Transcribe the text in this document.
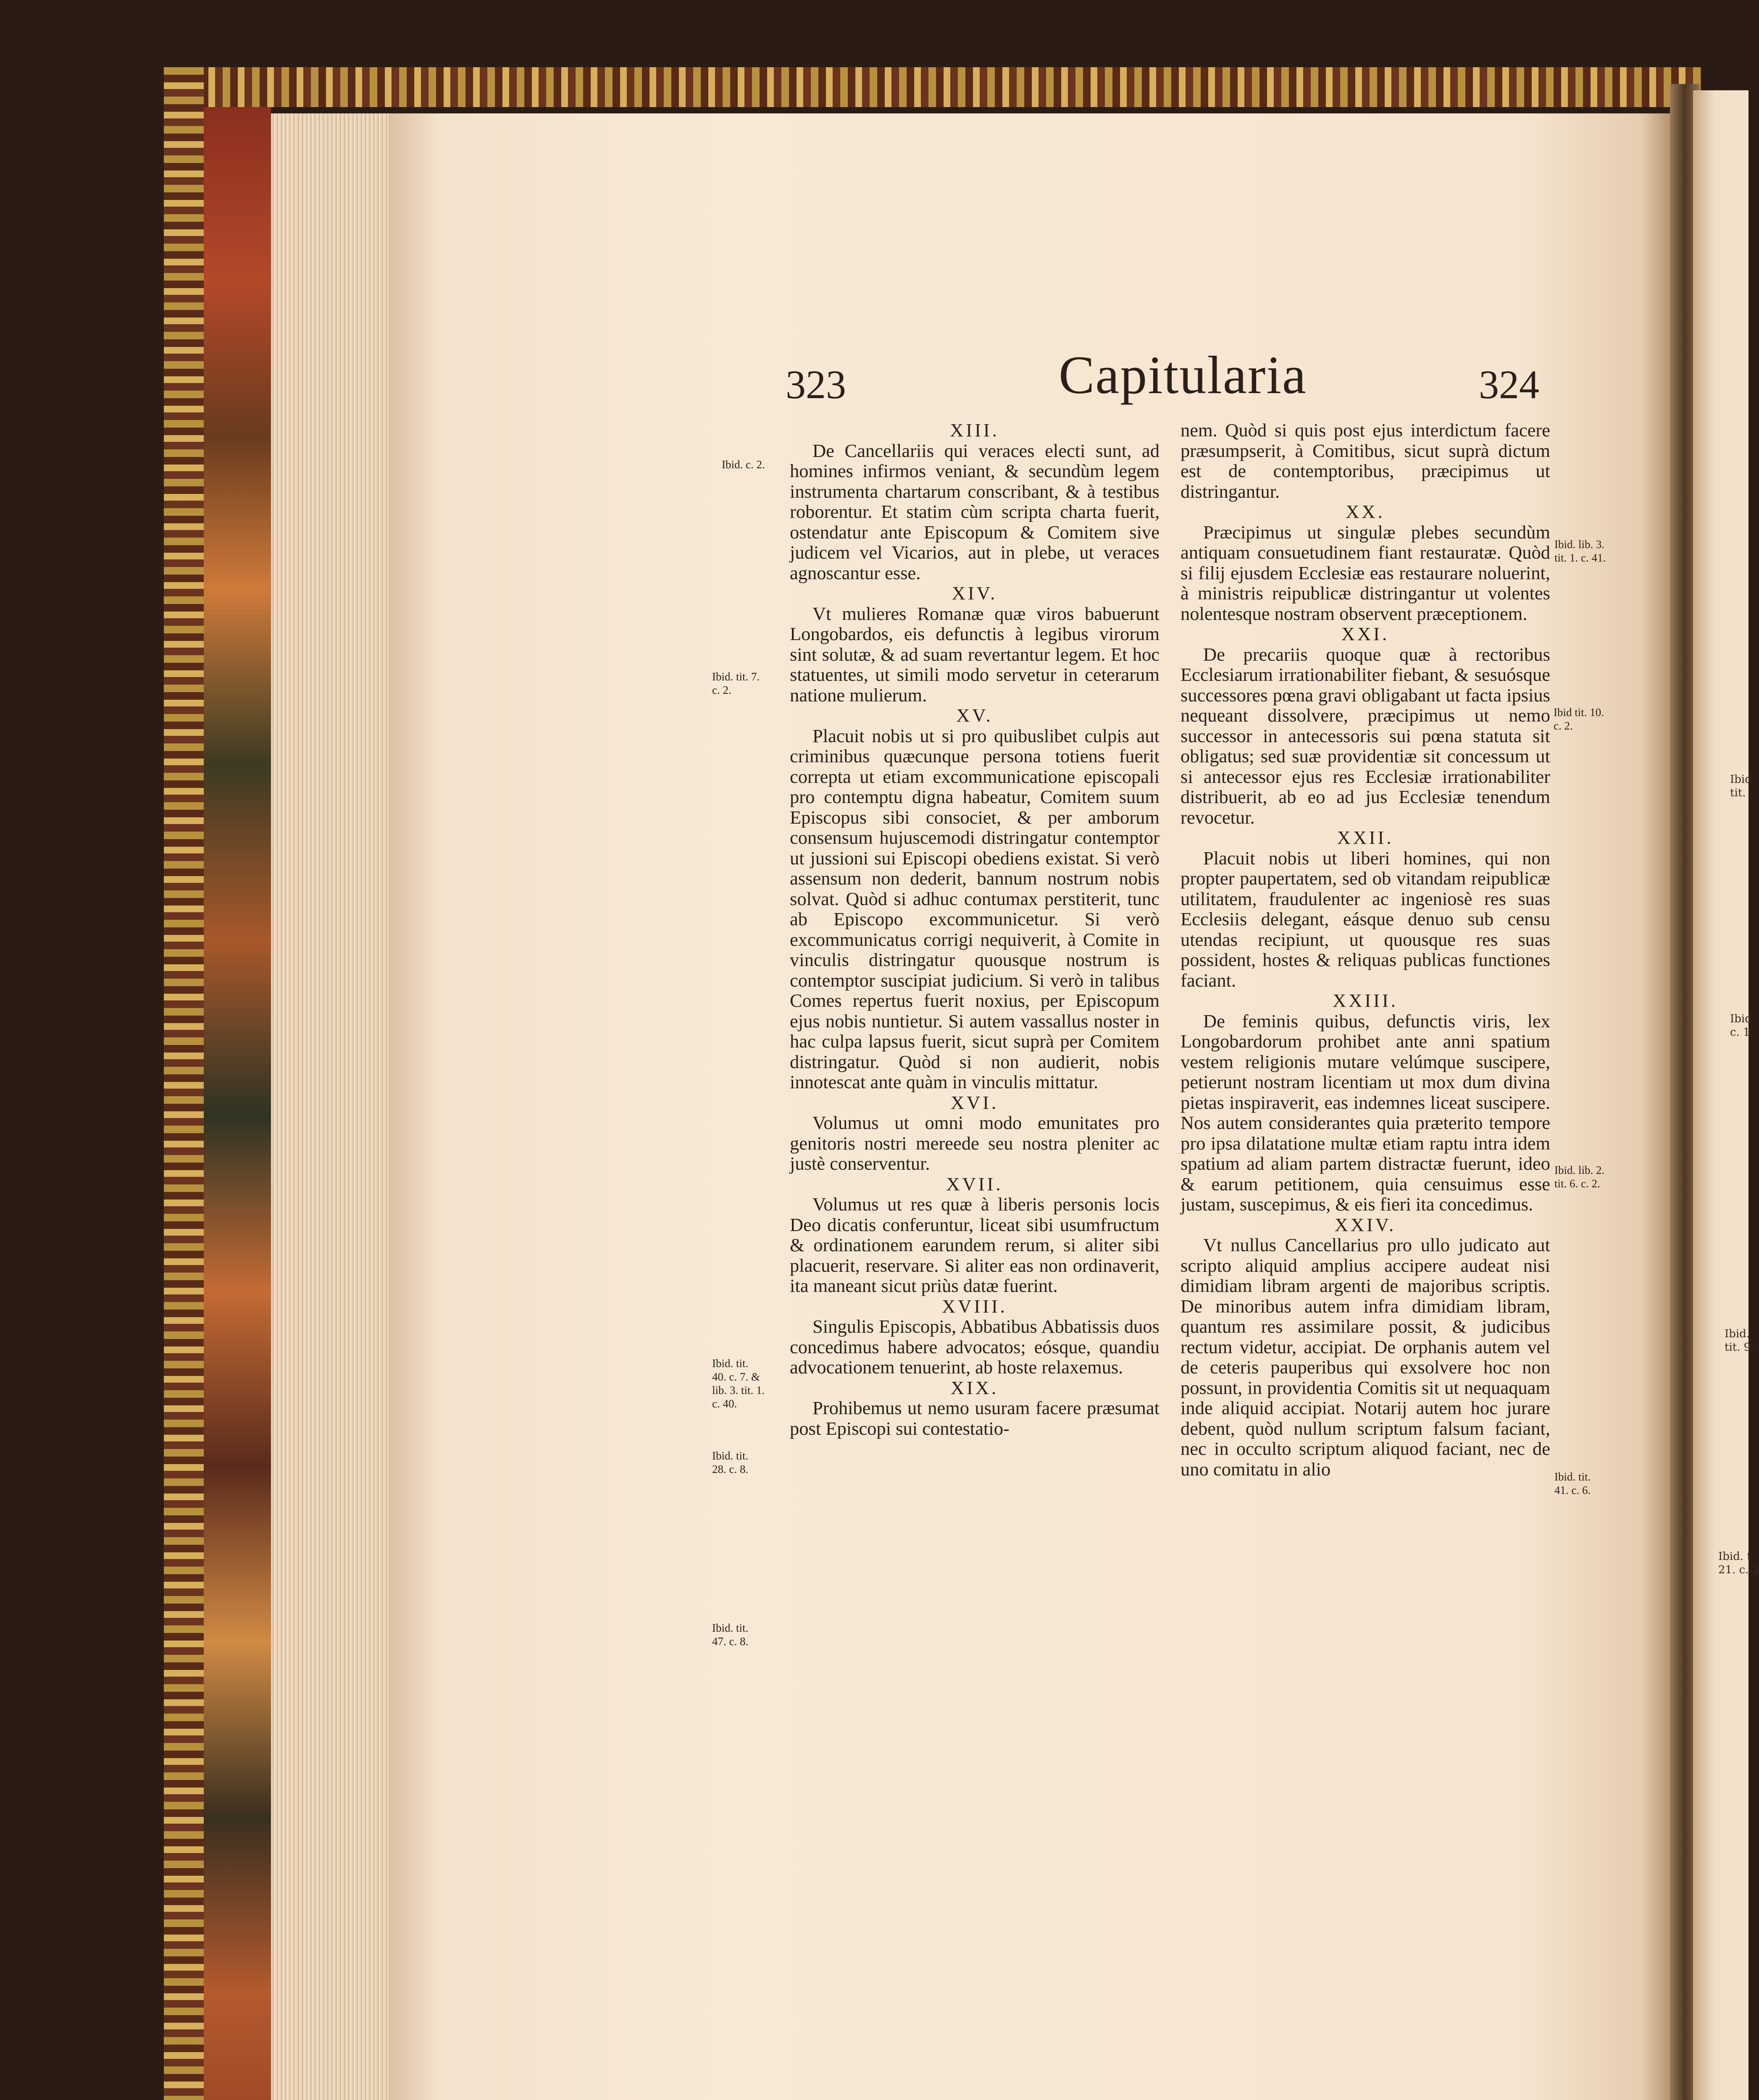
Ibid
tit.
Ibid
c. 1.
Ibid.
tit. 9.
Ibid. t
21. c. 3
323	Capitularia	324

XIII.

De Cancellariis qui veraces electi sunt, ad homines infirmos veniant, & secundùm legem instrumenta chartarum conscribant, & à testibus roborentur. Et statim cùm scripta charta fuerit, ostendatur ante Episcopum & Comitem sive judicem vel Vicarios, aut in plebe, ut veraces agnoscantur esse.

XIV.

Vt mulieres Romanæ quæ viros babuerunt Longobardos, eis defunctis à legibus virorum sint solutæ, & ad suam revertantur legem. Et hoc statuentes, ut simili modo servetur in ceterarum natione mulierum.

XV.

Placuit nobis ut si pro quibuslibet culpis aut criminibus quæcunque persona totiens fuerit correpta ut etiam excommunicatione episcopali pro contemptu digna habeatur, Comitem suum Episcopus sibi consociet, & per amborum consensum hujuscemodi distringatur contemptor ut jussioni sui Episcopi obediens existat. Si verò assensum non dederit, bannum nostrum nobis solvat. Quòd si adhuc contumax perstiterit, tunc ab Episcopo excommunicetur. Si verò excommunicatus corrigi nequiverit, à Comite in vinculis distringatur quousque nostrum is contemptor suscipiat judicium. Si verò in talibus Comes repertus fuerit noxius, per Episcopum ejus nobis nuntietur. Si autem vassallus noster in hac culpa lapsus fuerit, sicut suprà per Comitem distringatur. Quòd si non audierit, nobis innotescat ante quàm in vinculis mittatur.

XVI.

Volumus ut omni modo emunitates pro genitoris nostri mereede seu nostra pleniter ac justè conserventur.

XVII.

Volumus ut res quæ à liberis personis locis Deo dicatis conferuntur, liceat sibi usumfructum & ordinationem earundem rerum, si aliter sibi placuerit, reservare. Si aliter eas non ordinaverit, ita maneant sicut priùs datæ fuerint.

XVIII.

Singulis Episcopis, Abbatibus Abbatissis duos concedimus habere advocatos; eósque, quandiu advocationem tenuerint, ab hoste relaxemus.

XIX.

Prohibemus ut nemo usuram facere præsumat post Episcopi sui contestatio-

nem. Quòd si quis post ejus interdictum facere præsumpserit, à Comitibus, sicut suprà dictum est de contemptoribus, præcipimus ut distringantur.

XX.

Præcipimus ut singulæ plebes secundùm antiquam consuetudinem fiant restauratæ. Quòd si filij ejusdem Ecclesiæ eas restaurare noluerint, à ministris reipublicæ distringantur ut volentes nolentesque nostram observent præceptionem.

XXI.

De precariis quoque quæ à rectoribus Ecclesiarum irrationabiliter fiebant, & sesuósque successores pœna gravi obligabant ut facta ipsius nequeant dissolvere, præcipimus ut nemo successor in antecessoris sui pœna statuta sit obligatus; sed suæ providentiæ sit concessum ut si antecessor ejus res Ecclesiæ irrationabiliter distribuerit, ab eo ad jus Ecclesiæ tenendum revocetur.

XXII.

Placuit nobis ut liberi homines, qui non propter paupertatem, sed ob vitandam reipublicæ utilitatem, fraudulenter ac ingeniosè res suas Ecclesiis delegant, eásque denuo sub censu utendas recipiunt, ut quousque res suas possident, hostes & reliquas publicas functiones faciant.

XXIII.

De feminis quibus, defunctis viris, lex Longobardorum prohibet ante anni spatium vestem religionis mutare velúmque suscipere, petierunt nostram licentiam ut mox dum divina pietas inspiraverit, eas indemnes liceat suscipere. Nos autem considerantes quia præterito tempore pro ipsa dilatatione multæ etiam raptu intra idem spatium ad aliam partem distractæ fuerunt, ideo & earum petitionem, quia censuimus esse justam, suscepimus, & eis fieri ita concedimus.

XXIV.

Vt nullus Cancellarius pro ullo judicato aut scripto aliquid amplius accipere audeat nisi dimidiam libram argenti de majoribus scriptis. De minoribus autem infra dimidiam libram, quantum res assimilare possit, & judicibus rectum videtur, accipiat. De orphanis autem vel de ceteris pauperibus qui exsolvere hoc non possunt, in providentia Comitis sit ut nequaquam inde aliquid accipiat. Notarij autem hoc jurare debent, quòd nullum scriptum falsum faciant, nec in occulto scriptum aliquod faciant, nec de uno comitatu in alio

Ibid. c. 2.
Ibid. tit. 7.
c. 2.
Ibid. tit.
40. c. 7. &
lib. 3. tit. 1.
c. 40.
Ibid. tit.
28. c. 8.
Ibid. tit.
47. c. 8.
Ibid. lib. 3.
tit. 1. c. 41.
Ibid tit. 10.
c. 2.
Ibid. lib. 2.
tit. 6. c. 2.
Ibid. tit.
41. c. 6.
